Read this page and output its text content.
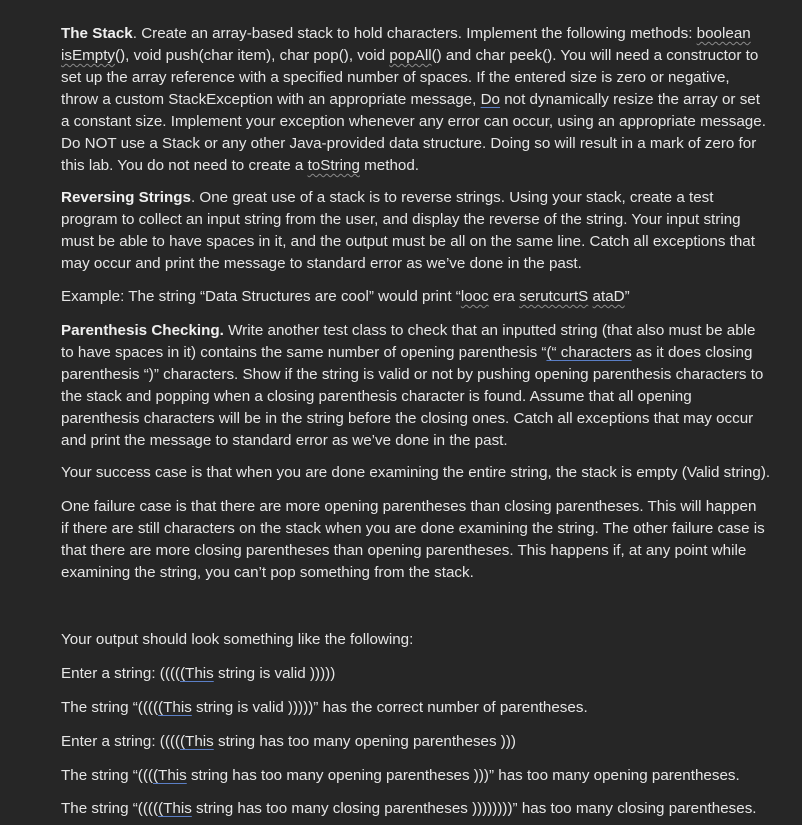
The Stack. Create an array-based stack to hold characters. Implement the following methods: boolean isEmpty(), void push(char item), char pop(), void popAll() and char peek(). You will need a constructor to set up the array reference with a specified number of spaces. If the entered size is zero or negative, throw a custom StackException with an appropriate message, Do not dynamically resize the array or set a constant size. Implement your exception whenever any error can occur, using an appropriate message. Do NOT use a Stack or any other Java-provided data structure. Doing so will result in a mark of zero for this lab. You do not need to create a toString method.

Reversing Strings. One great use of a stack is to reverse strings. Using your stack, create a test program to collect an input string from the user, and display the reverse of the string. Your input string must be able to have spaces in it, and the output must be all on the same line. Catch all exceptions that may occur and print the message to standard error as we’ve done in the past.

Example: The string “Data Structures are cool” would print “looc era serutcurtS ataD”

Parenthesis Checking. Write another test class to check that an inputted string (that also must be able to have spaces in it) contains the same number of opening parenthesis “(“ characters as it does closing parenthesis “)” characters. Show if the string is valid or not by pushing opening parenthesis characters to the stack and popping when a closing parenthesis character is found. Assume that all opening parenthesis characters will be in the string before the closing ones. Catch all exceptions that may occur and print the message to standard error as we’ve done in the past.

Your success case is that when you are done examining the entire string, the stack is empty (Valid string).

One failure case is that there are more opening parentheses than closing parentheses. This will happen if there are still characters on the stack when you are done examining the string. The other failure case is that there are more closing parentheses than opening parentheses. This happens if, at any point while examining the string, you can’t pop something from the stack.

Your output should look something like the following:

Enter a string: (((((This string is valid )))))

The string “(((((This string is valid )))))” has the correct number of parentheses.

Enter a string: (((((This string has too many opening parentheses )))

The string “((((This string has too many opening parentheses )))” has too many opening parentheses.

The string “(((((This string has too many closing parentheses ))))))))” has too many closing parentheses.
